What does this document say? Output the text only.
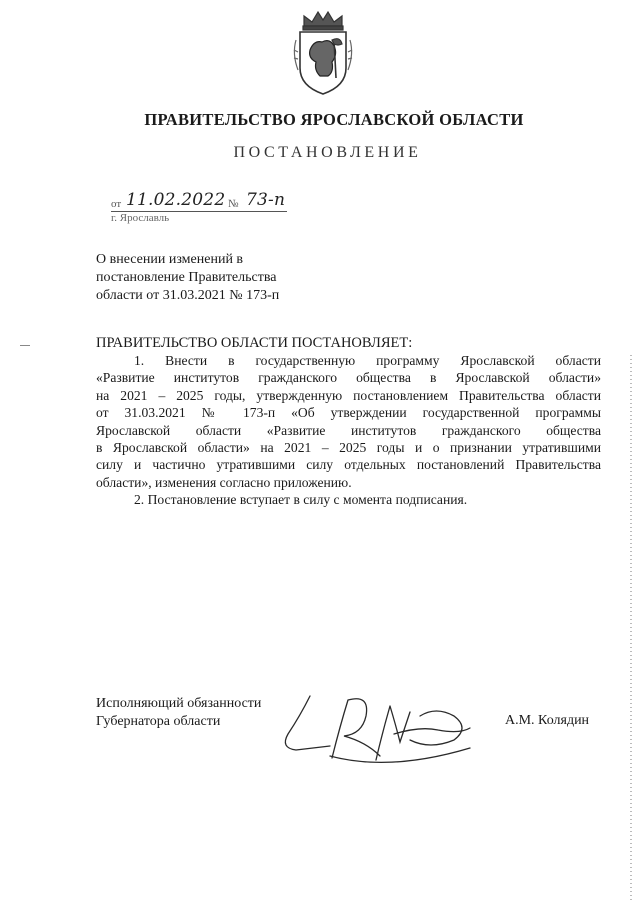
ПРАВИТЕЛЬСТВО ЯРОСЛАВСКОЙ ОБЛАСТИ
ПОСТАНОВЛЕНИЕ
от 11.02.2022 № 73-п
г. Ярославль
О внесении изменений в
постановление Правительства
области от 31.03.2021 № 173-п
ПРАВИТЕЛЬСТВО ОБЛАСТИ ПОСТАНОВЛЯЕТ:
1. Внести в государственную программу Ярославской области
«Развитие институтов гражданского общества в Ярославской области»
на 2021 – 2025 годы, утвержденную постановлением Правительства области
от 31.03.2021 № 173-п «Об утверждении государственной программы
Ярославской области «Развитие институтов гражданского общества
в Ярославской области» на 2021 – 2025 годы и о признании утратившими
силу и частично утратившими силу отдельных постановлений Правительства
области», изменения согласно приложению.
2. Постановление вступает в силу с момента подписания.
Исполняющий обязанности
Губернатора области	А.М. Колядин
